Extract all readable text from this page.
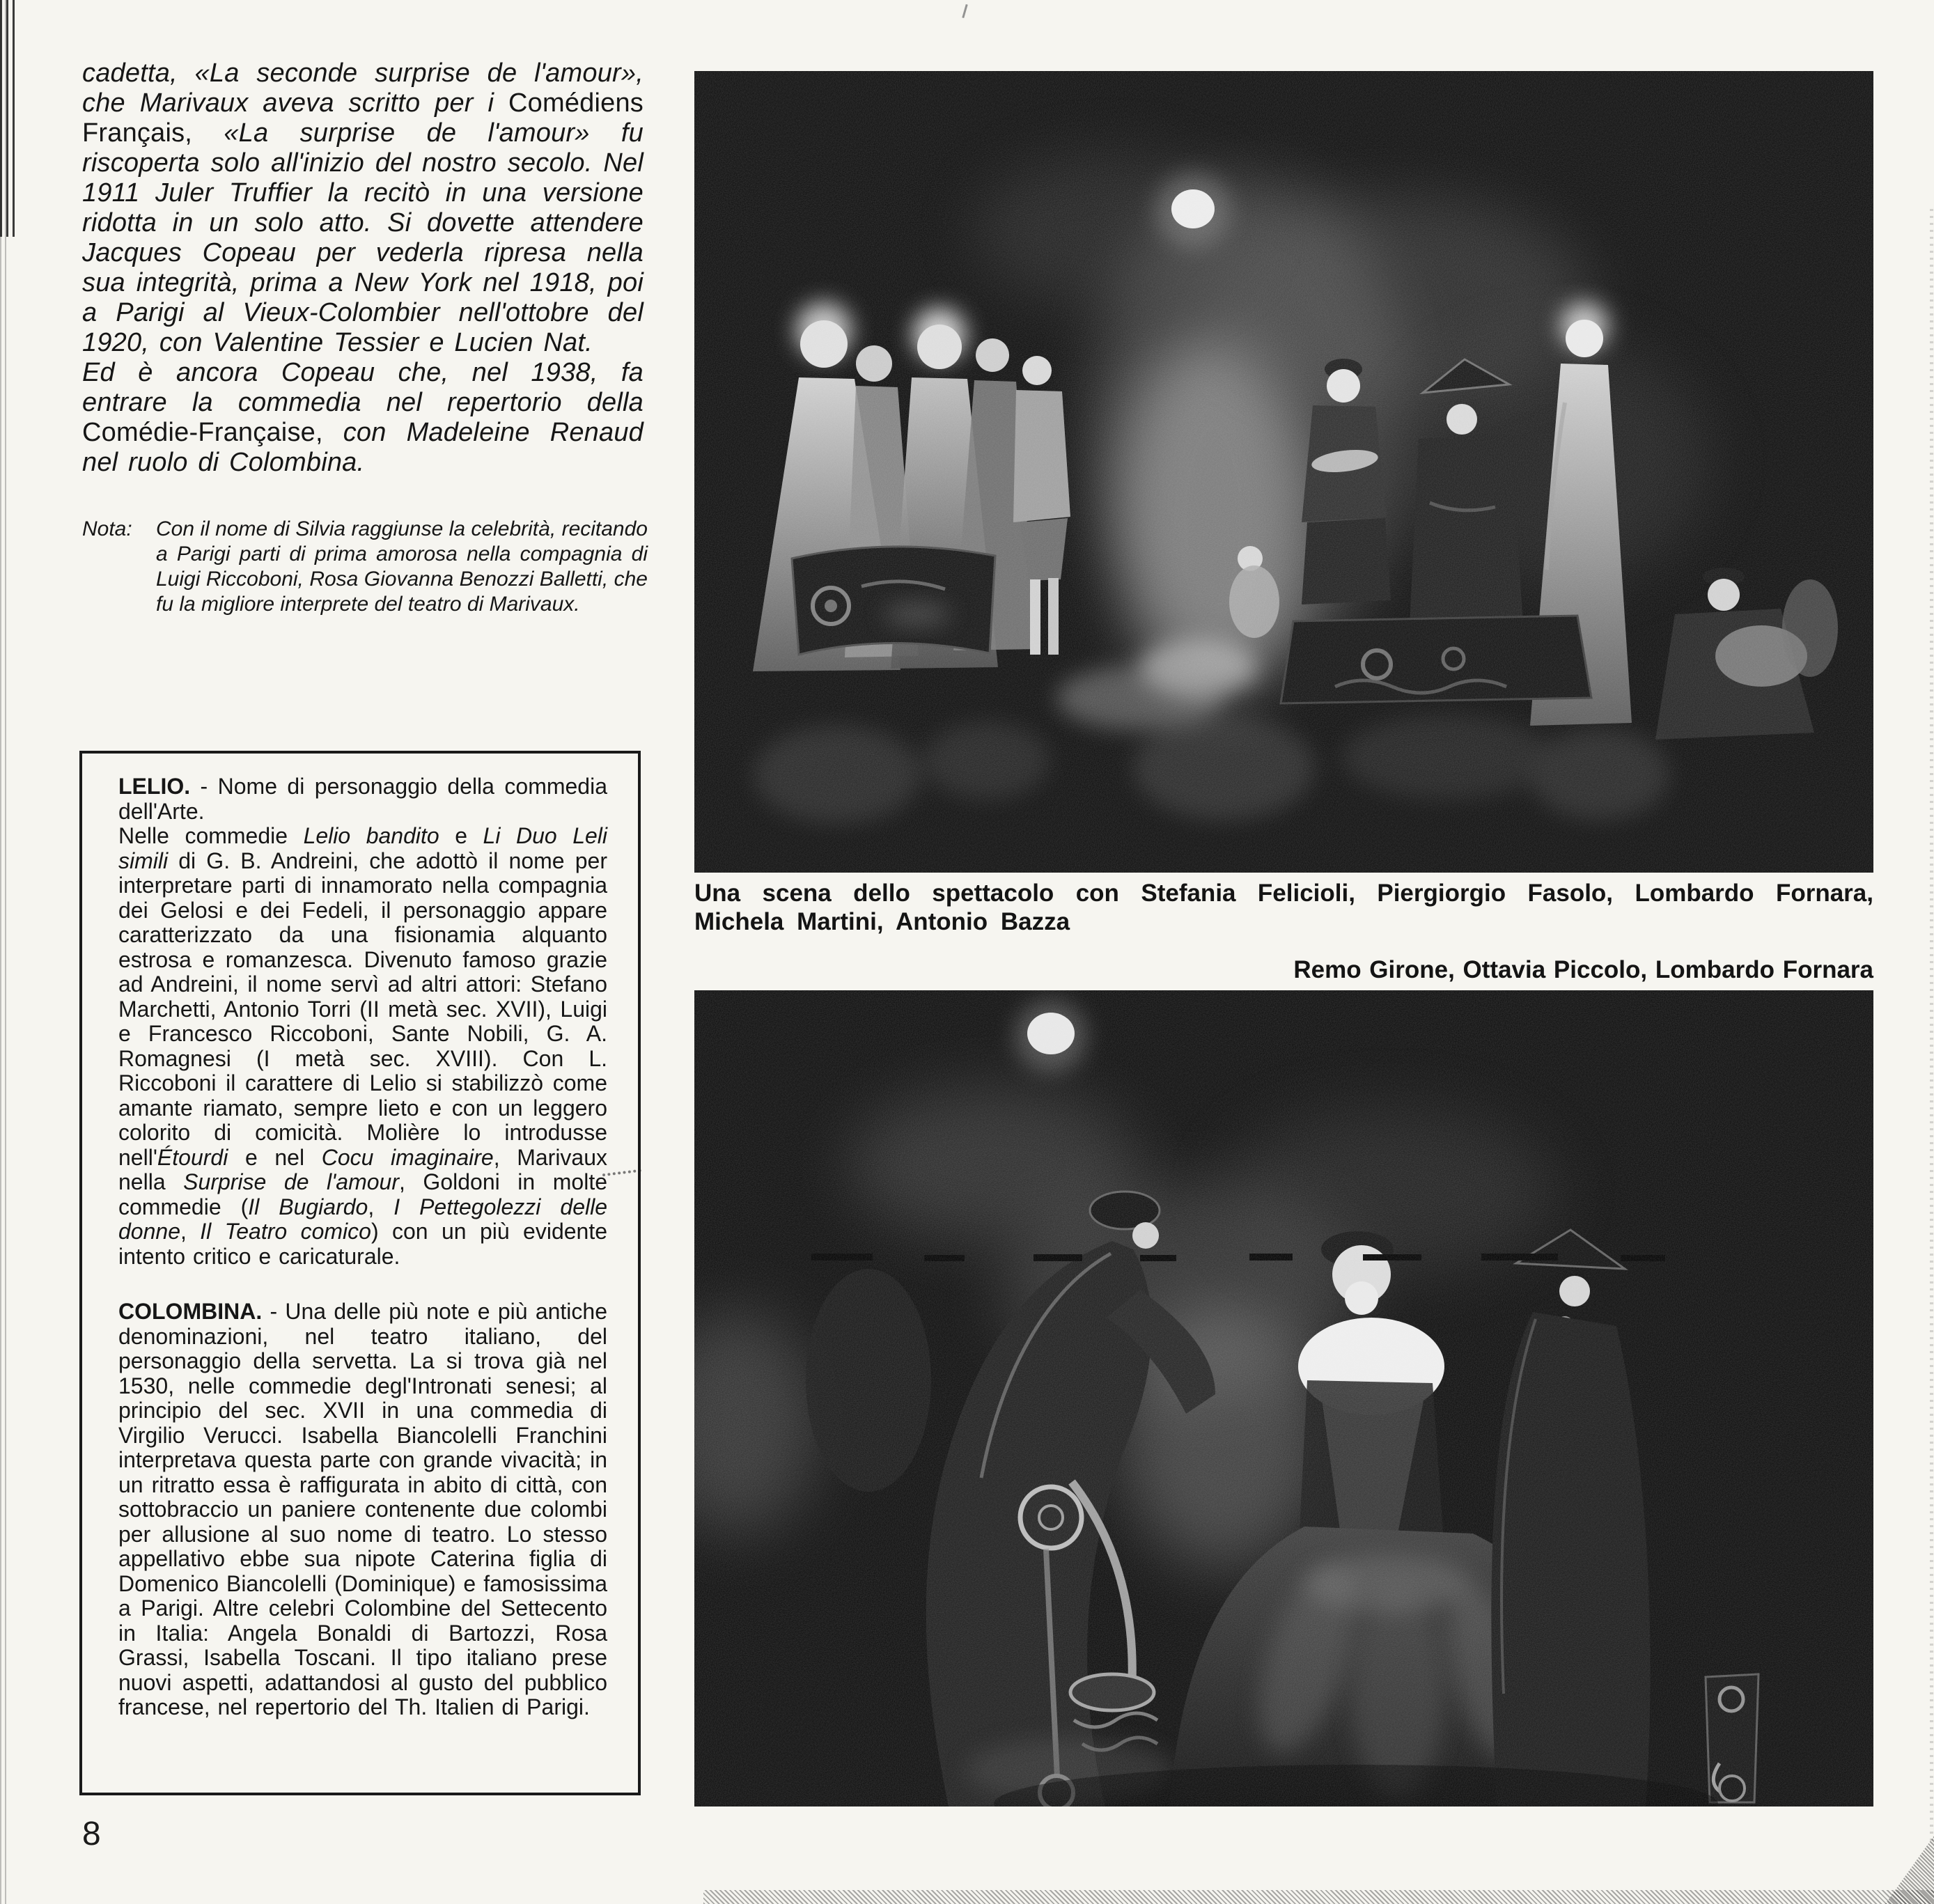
cadetta, «La seconde surprise de l'amour», che Marivaux aveva scritto per i Comédiens Français, «La surprise de l'amour» fu riscoperta solo all'inizio del nostro secolo. Nel 1911 Juler Truffier la recitò in una versione ridotta in un solo atto. Si dovette attendere Jacques Copeau per vederla ripresa nella sua integrità, prima a New York nel 1918, poi a Parigi al Vieux-Colombier nell'ottobre del 1920, con Valentine Tessier e Lucien Nat.

Ed è ancora Copeau che, nel 1938, fa entrare la commedia nel repertorio della Comédie-Française, con Madeleine Renaud nel ruolo di Colombina.

Nota:	Con il nome di Silvia raggiunse la celebrità, recitando a Parigi parti di prima amorosa nella compagnia di Luigi Riccoboni, Rosa Giovanna Benozzi Balletti, che fu la migliore interprete del teatro di Marivaux.

LELIO. - Nome di personaggio della commedia dell'Arte.

Nelle commedie Lelio bandito e Li Duo Leli simili di G. B. Andreini, che adottò il nome per interpretare parti di innamorato nella compagnia dei Gelosi e dei Fedeli, il personaggio appare caratterizzato da una fisionamia alquanto estrosa e romanzesca. Divenuto famoso grazie ad Andreini, il nome servì ad altri attori: Stefano Marchetti, Antonio Torri (II metà sec. XVII), Luigi e Francesco Riccoboni, Sante Nobili, G. A. Romagnesi (I metà sec. XVIII). Con L. Riccoboni il carattere di Lelio si stabilizzò come amante riamato, sempre lieto e con un leggero colorito di comicità. Molière lo introdusse nell'Étourdi e nel Cocu imaginaire, Marivaux nella Surprise de l'amour, Goldoni in molte commedie (Il Bugiardo, I Pettegolezzi delle donne, Il Teatro comico) con un più evidente intento critico e caricaturale.

COLOMBINA. - Una delle più note e più antiche denominazioni, nel teatro italiano, del personaggio della servetta. La si trova già nel 1530, nelle commedie degl'Intronati senesi; al principio del sec. XVII in una commedia di Virgilio Verucci. Isabella Biancolelli Franchini interpretava questa parte con grande vivacità; in un ritratto essa è raffigurata in abito di città, con sottobraccio un paniere contenente due colombi per allusione al suo nome di teatro. Lo stesso appellativo ebbe sua nipote Caterina figlia di Domenico Biancolelli (Dominique) e famosissima a Parigi. Altre celebri Colombine del Settecento in Italia: Angela Bonaldi di Bartozzi, Rosa Grassi, Isabella Toscani. Il tipo italiano prese nuovi aspetti, adattandosi al gusto del pubblico francese, nel repertorio del Th. Italien di Parigi.

8

Una scena dello spettacolo con Stefania Felicioli, Piergiorgio Fasolo, Lombardo Fornara, Michela Martini, Antonio Bazza

Remo Girone, Ottavia Piccolo, Lombardo Fornara
